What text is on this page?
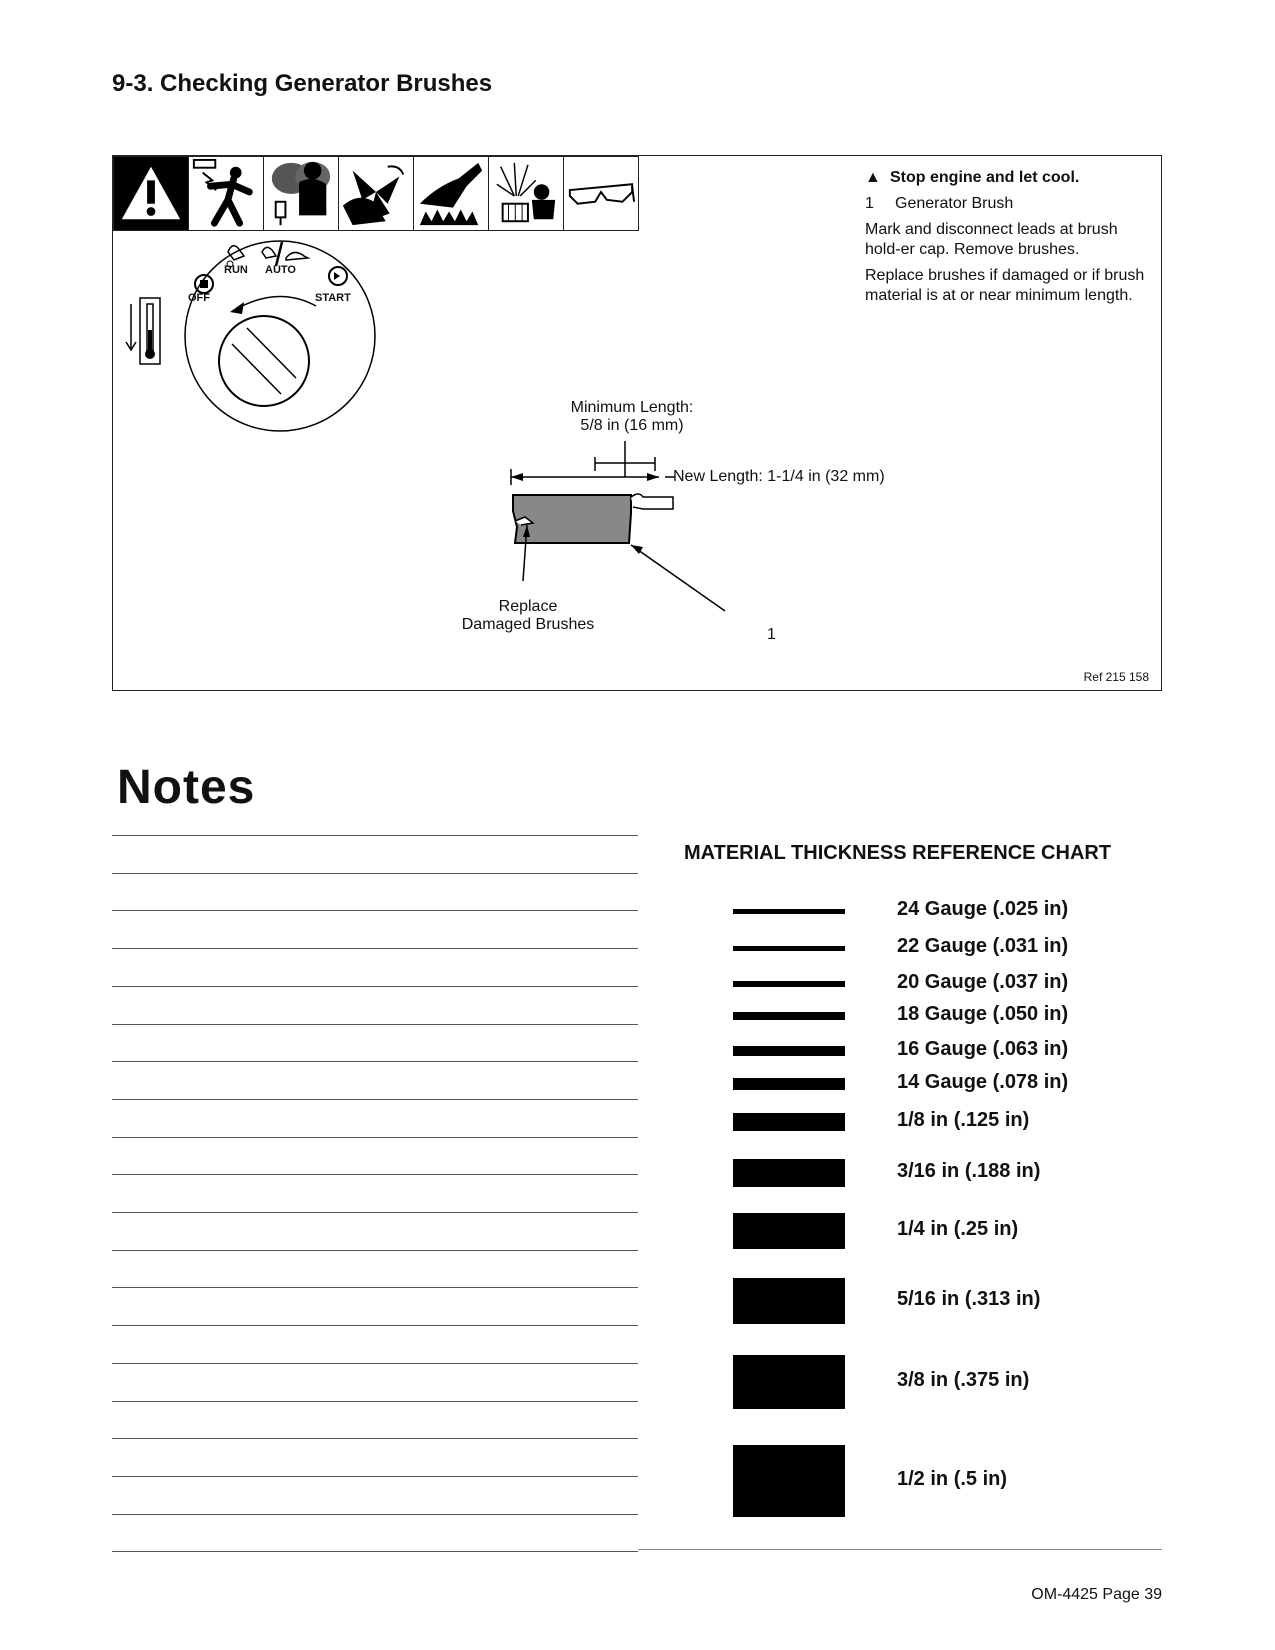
9-3. Checking Generator Brushes
OFF
RUN AUTO
START

▲ Stop engine and let cool.

1 Generator Brush

Mark and disconnect leads at brush hold-er cap. Remove brushes.

Replace brushes if damaged or if brush material is at or near minimum length.

Minimum Length:
5/8 in (16 mm)
New Length: 1-1/4 in (32 mm)
Replace
Damaged Brushes
1
Ref 215 158
Notes
MATERIAL THICKNESS REFERENCE CHART
24 Gauge (.025 in)
22 Gauge (.031 in)
20 Gauge (.037 in)
18 Gauge (.050 in)
16 Gauge (.063 in)
14 Gauge (.078 in)
1/8 in (.125 in)
3/16 in (.188 in)
1/4 in (.25 in)
5/16 in (.313 in)
3/8 in (.375 in)
1/2 in (.5 in)
OM-4425 Page 39
